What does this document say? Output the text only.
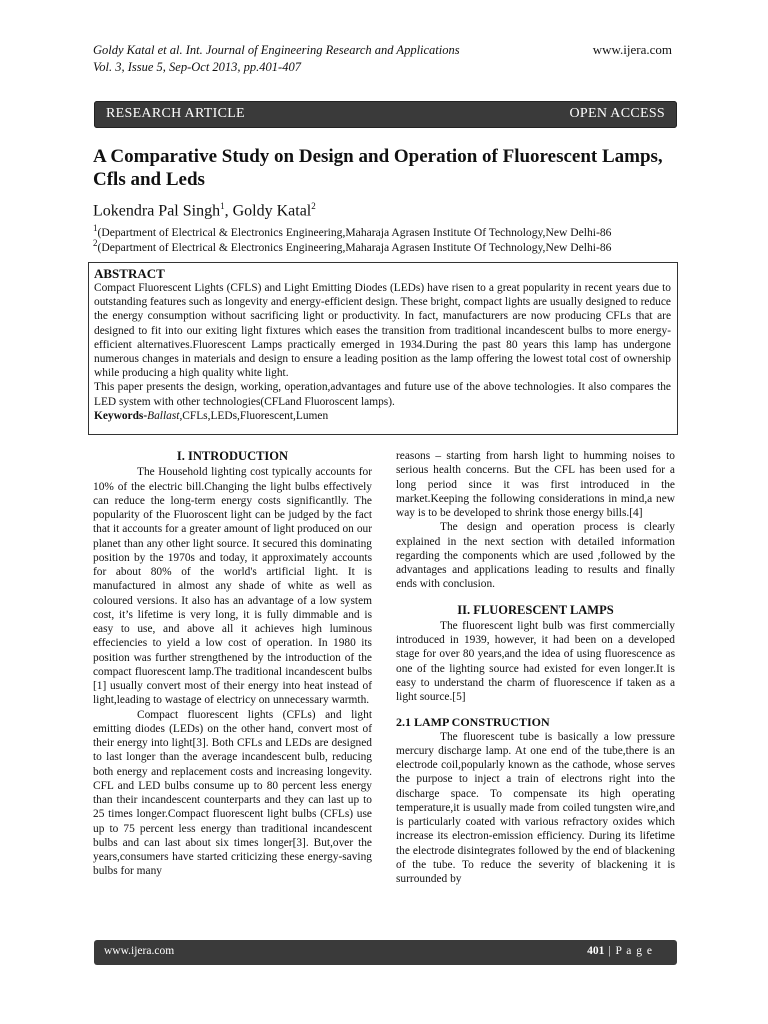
Goldy Katal et al. Int. Journal of Engineering Research and Applications
Vol. 3, Issue 5, Sep-Oct 2013, pp.401-407
www.ijera.com
RESEARCH ARTICLE	OPEN ACCESS
A Comparative Study on Design and Operation of Fluorescent Lamps, Cfls and Leds
Lokendra Pal Singh$^1$, Goldy Katal$^2$
$^1$(Department of Electrical & Electronics Engineering,Maharaja Agrasen Institute Of Technology,New Delhi-86
$^2$(Department of Electrical & Electronics Engineering,Maharaja Agrasen Institute Of Technology,New Delhi-86
ABSTRACT

Compact Fluorescent Lights (CFLS) and Light Emitting Diodes (LEDs) have risen to a great popularity in recent years due to outstanding features such as longevity and energy-efficient design. These bright, compact lights are usually designed to reduce the energy consumption without sacrificing light or productivity. In fact, manufacturers are now producing CFLs that are designed to fit into our exiting light fixtures which eases the transition from traditional incandescent bulbs to more energy-efficient alternatives.Fluorescent Lamps practically emerged in 1934.During the past 80 years this lamp has undergone numerous changes in materials and design to ensure a leading position as the lamp offering the lowest total cost of ownership while producing a high quality white light.

This paper presents the design, working, operation,advantages and future use of the above technologies. It also compares the LED system with other technologies(CFLand Fluoroscent lamps).

Keywords-Ballast,CFLs,LEDs,Fluorescent,Lumen

I. INTRODUCTION

The Household lighting cost typically accounts for 10% of the electric bill.Changing the light bulbs effectively can reduce the long-term energy costs significantlly. The popularity of the Fluoroscent light can be judged by the fact that it accounts for a greater amount of light produced on our planet than any other light source. It secured this dominating position by the 1970s and today, it approximately accounts for about 80% of the world's artificial light. It is manufactured in almost any shade of white as well as coloured versions. It also has an advantage of a low system cost, it’s lifetime is very long, it is fully dimmable and is easy to use, and above all it achieves high luminous effeciencies to yield a low cost of operation. In 1980 its position was further strengthened by the introduction of the compact fluorescent lamp.The traditional incandescent bulbs [1] usually convert most of their energy into heat instead of light,leading to wastage of electricy on unnecessary warmth.

Compact fluorescent lights (CFLs) and light emitting diodes (LEDs) on the other hand, convert most of their energy into light[3]. Both CFLs and LEDs are designed to last longer than the average incandescent bulb, reducing both energy and replacement costs and increasing longevity. CFL and LED bulbs consume up to 80 percent less energy than their incandescent counterparts and they can last up to 25 times longer.Compact fluorescent light bulbs (CFLs) use up to 75 percent less energy than traditional incandescent bulbs and can last about six times longer[3]. But,over the years,consumers have started criticizing these energy-saving bulbs for many

reasons – starting from harsh light to humming noises to serious health concerns. But the CFL has been used for a long period since it was first introduced in the market.Keeping the following considerations in mind,a new way is to be developed to shrink those energy bills.[4]

The design and operation process is clearly explained in the next section with detailed information regarding the components which are used ,followed by the advantages and applications leading to results and finally ends with conclusion.

II. FLUORESCENT LAMPS

The fluorescent light bulb was first commercially introduced in 1939, however, it had been on a developed stage for over 80 years,and the idea of using fluorescence as one of the lighting source had existed for even longer.It is easy to understand the charm of fluorescence if taken as a light source.[5]

2.1 LAMP CONSTRUCTION

The fluorescent tube is basically a low pressure mercury discharge lamp. At one end of the tube,there is an electrode coil,popularly known as the cathode, whose serves the purpose to inject a train of electrons right into the discharge space. To compensate its high operating temperature,it is usually made from coiled tungsten wire,and is particularly coated with various refractory oxides which increase its electron-emission efficiency. During its lifetime the electrode disintegrates followed by the end of blackening of the tube. To reduce the severity of blackening it is surrounded by

www.ijera.com	401 | P a g e
